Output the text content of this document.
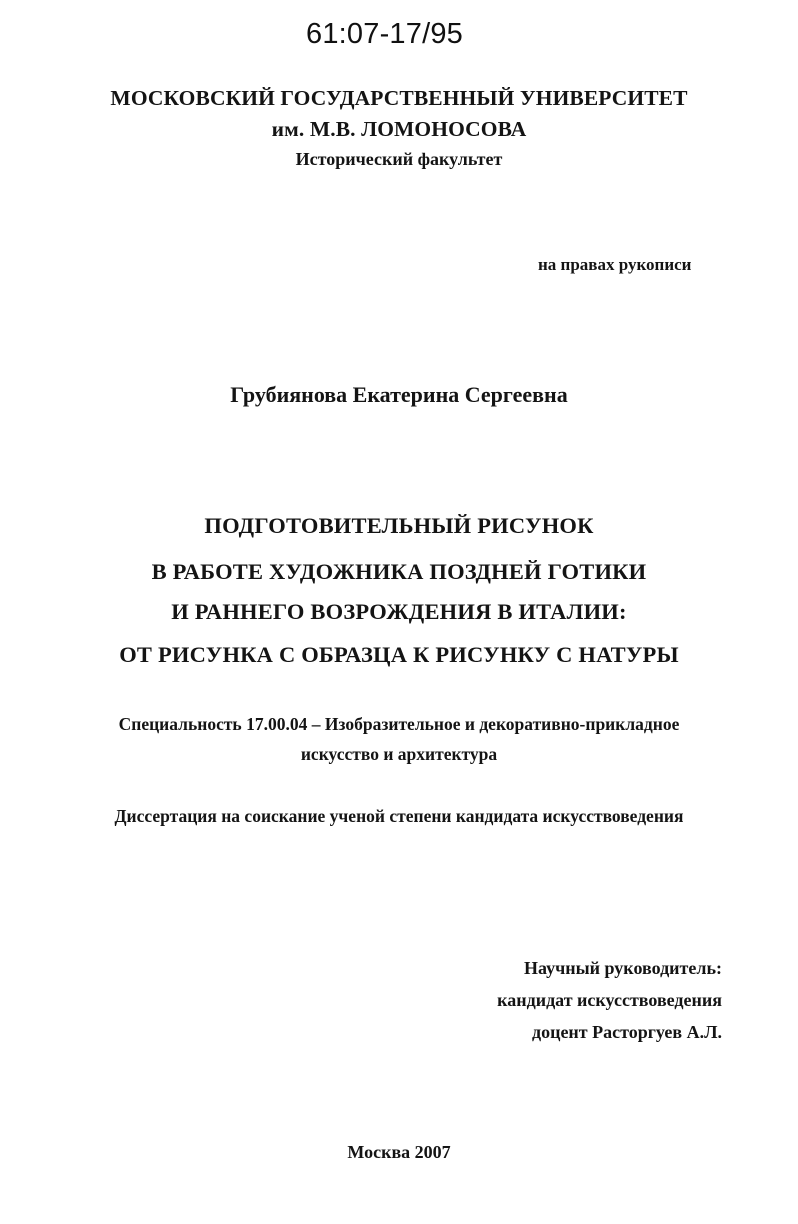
61:07-17/95
МОСКОВСКИЙ ГОСУДАРСТВЕННЫЙ УНИВЕРСИТЕТ
им. М.В. ЛОМОНОСОВА
Исторический факультет
на правах рукописи
Грубиянова Екатерина Сергеевна
ПОДГОТОВИТЕЛЬНЫЙ РИСУНОК
В РАБОТЕ ХУДОЖНИКА ПОЗДНЕЙ ГОТИКИ
И РАННЕГО ВОЗРОЖДЕНИЯ В ИТАЛИИ:
ОТ РИСУНКА С ОБРАЗЦА К РИСУНКУ С НАТУРЫ
Специальность 17.00.04 – Изобразительное и декоративно-прикладное
искусство и архитектура
Диссертация на соискание ученой степени кандидата искусствоведения
Научный руководитель:
кандидат искусствоведения
доцент Расторгуев А.Л.
Москва 2007
